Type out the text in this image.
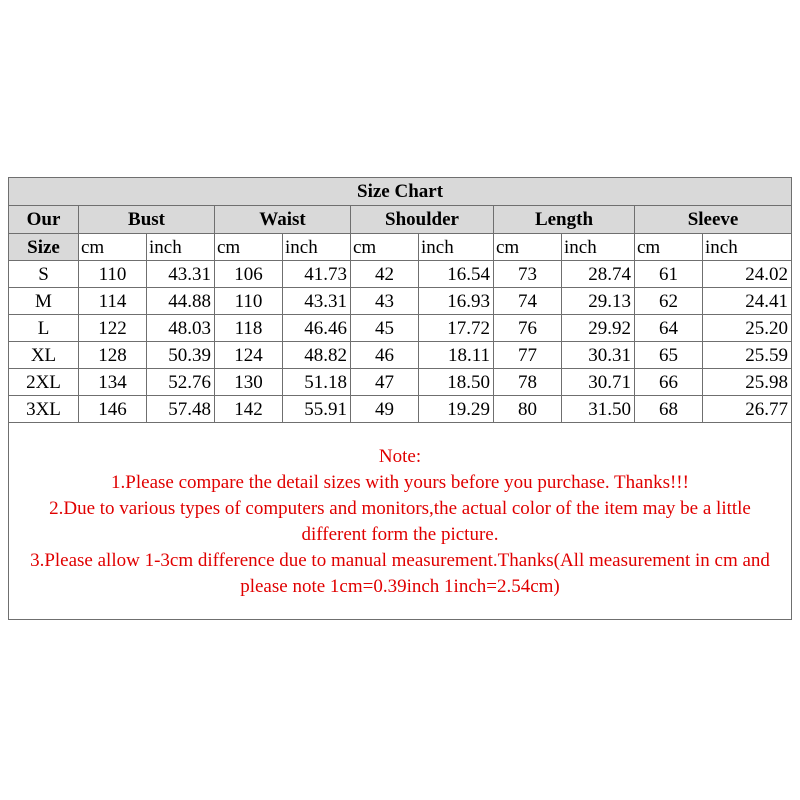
Size Chart										
Our	Bust		Waist		Shoulder		Length		Sleeve	
Size	cm	inch	cm	inch	cm	inch	cm	inch	cm	inch
S	110	43.31	106	41.73	42	16.54	73	28.74	61	24.02
M	114	44.88	110	43.31	43	16.93	74	29.13	62	24.41
L	122	48.03	118	46.46	45	17.72	76	29.92	64	25.20
XL	128	50.39	124	48.82	46	18.11	77	30.31	65	25.59
2XL	134	52.76	130	51.18	47	18.50	78	30.71	66	25.98
3XL	146	57.48	142	55.91	49	19.29	80	31.50	68	26.77
Note:
1.Please compare the detail sizes with yours before you purchase. Thanks!!!
2.Due to various types of computers and monitors,the actual color of the item may be a little
different form the picture.
3.Please allow 1-3cm difference due to manual measurement.Thanks(All measurement in cm and
please note 1cm=0.39inch 1inch=2.54cm)
